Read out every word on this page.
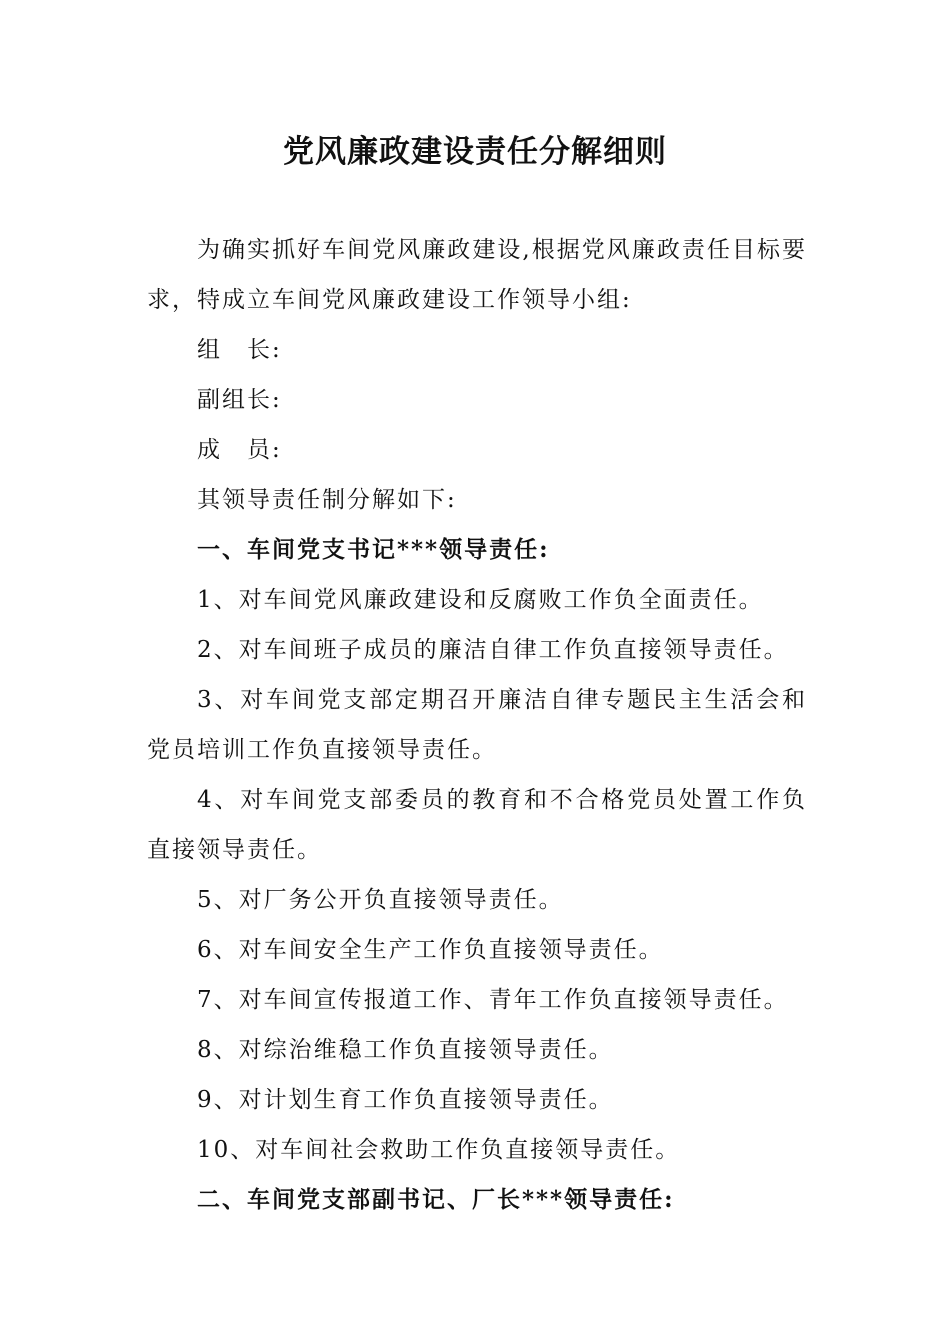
党风廉政建设责任分解细则

为确实抓好车间党风廉政建设,根据党风廉政责任目标要求，特成立车间党风廉政建设工作领导小组:

组　长:

副组长:

成　员:

其领导责任制分解如下:

一、车间党支书记***领导责任:

1、对车间党风廉政建设和反腐败工作负全面责任。

2、对车间班子成员的廉洁自律工作负直接领导责任。

3、对车间党支部定期召开廉洁自律专题民主生活会和党员培训工作负直接领导责任。

4、对车间党支部委员的教育和不合格党员处置工作负直接领导责任。

5、对厂务公开负直接领导责任。

6、对车间安全生产工作负直接领导责任。

7、对车间宣传报道工作、青年工作负直接领导责任。

8、对综治维稳工作负直接领导责任。

9、对计划生育工作负直接领导责任。

10、对车间社会救助工作负直接领导责任。

二、车间党支部副书记、厂长***领导责任:
